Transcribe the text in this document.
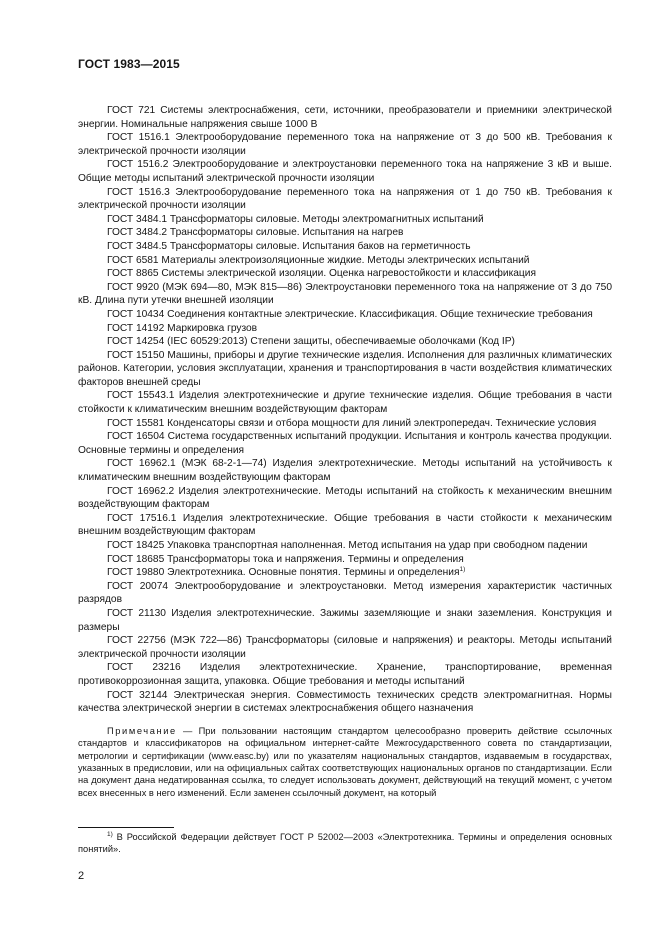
ГОСТ 1983—2015

ГОСТ 721 Системы электроснабжения, сети, источники, преобразователи и приемники электрической энергии. Номинальные напряжения свыше 1000 В

ГОСТ 1516.1 Электрооборудование переменного тока на напряжение от 3 до 500 кВ. Требования к электрической прочности изоляции

ГОСТ 1516.2 Электрооборудование и электроустановки переменного тока на напряжение 3 кВ и выше. Общие методы испытаний электрической прочности изоляции

ГОСТ 1516.3 Электрооборудование переменного тока на напряжения от 1 до 750 кВ. Требования к электрической прочности изоляции

ГОСТ 3484.1 Трансформаторы силовые. Методы электромагнитных испытаний

ГОСТ 3484.2 Трансформаторы силовые. Испытания на нагрев

ГОСТ 3484.5 Трансформаторы силовые. Испытания баков на герметичность

ГОСТ 6581 Материалы электроизоляционные жидкие. Методы электрических испытаний

ГОСТ 8865 Системы электрической изоляции. Оценка нагревостойкости и классификация

ГОСТ 9920 (МЭК 694—80, МЭК 815—86) Электроустановки переменного тока на напряжение от 3 до 750 кВ. Длина пути утечки внешней изоляции

ГОСТ 10434 Соединения контактные электрические. Классификация. Общие технические требования

ГОСТ 14192 Маркировка грузов

ГОСТ 14254 (IEC 60529:2013) Степени защиты, обеспечиваемые оболочками (Код IP)

ГОСТ 15150 Машины, приборы и другие технические изделия. Исполнения для различных климатических районов. Категории, условия эксплуатации, хранения и транспортирования в части воздействия климатических факторов внешней среды

ГОСТ 15543.1 Изделия электротехнические и другие технические изделия. Общие требования в части стойкости к климатическим внешним воздействующим факторам

ГОСТ 15581 Конденсаторы связи и отбора мощности для линий электропередач. Технические условия

ГОСТ 16504 Система государственных испытаний продукции. Испытания и контроль качества продукции. Основные термины и определения

ГОСТ 16962.1 (МЭК 68-2-1—74) Изделия электротехнические. Методы испытаний на устойчивость к климатическим внешним воздействующим факторам

ГОСТ 16962.2 Изделия электротехнические. Методы испытаний на стойкость к механическим внешним воздействующим факторам

ГОСТ 17516.1 Изделия электротехнические. Общие требования в части стойкости к механическим внешним воздействующим факторам

ГОСТ 18425 Упаковка транспортная наполненная. Метод испытания на удар при свободном падении

ГОСТ 18685 Трансформаторы тока и напряжения. Термины и определения

ГОСТ 19880 Электротехника. Основные понятия. Термины и определения$^{1)}$

ГОСТ 20074 Электрооборудование и электроустановки. Метод измерения характеристик частичных разрядов

ГОСТ 21130 Изделия электротехнические. Зажимы заземляющие и знаки заземления. Конструкция и размеры

ГОСТ 22756 (МЭК 722—86) Трансформаторы (силовые и напряжения) и реакторы. Методы испытаний электрической прочности изоляции

ГОСТ 23216 Изделия электротехнические. Хранение, транспортирование, временная противокоррозионная защита, упаковка. Общие требования и методы испытаний

ГОСТ 32144 Электрическая энергия. Совместимость технических средств электромагнитная. Нормы качества электрической энергии в системах электроснабжения общего назначения

Примечание — При пользовании настоящим стандартом целесообразно проверить действие ссылочных стандартов и классификаторов на официальном интернет-сайте Межгосударственного совета по стандартизации, метрологии и сертификации (www.easc.by) или по указателям национальных стандартов, издаваемым в государствах, указанных в предисловии, или на официальных сайтах соответствующих национальных органов по стандартизации. Если на документ дана недатированная ссылка, то следует использовать документ, действующий на текущий момент, с учетом всех внесенных в него изменений. Если заменен ссылочный документ, на который
$^{1)}$ В Российской Федерации действует ГОСТ Р 52002—2003 «Электротехника. Термины и определения основных понятий».
2
